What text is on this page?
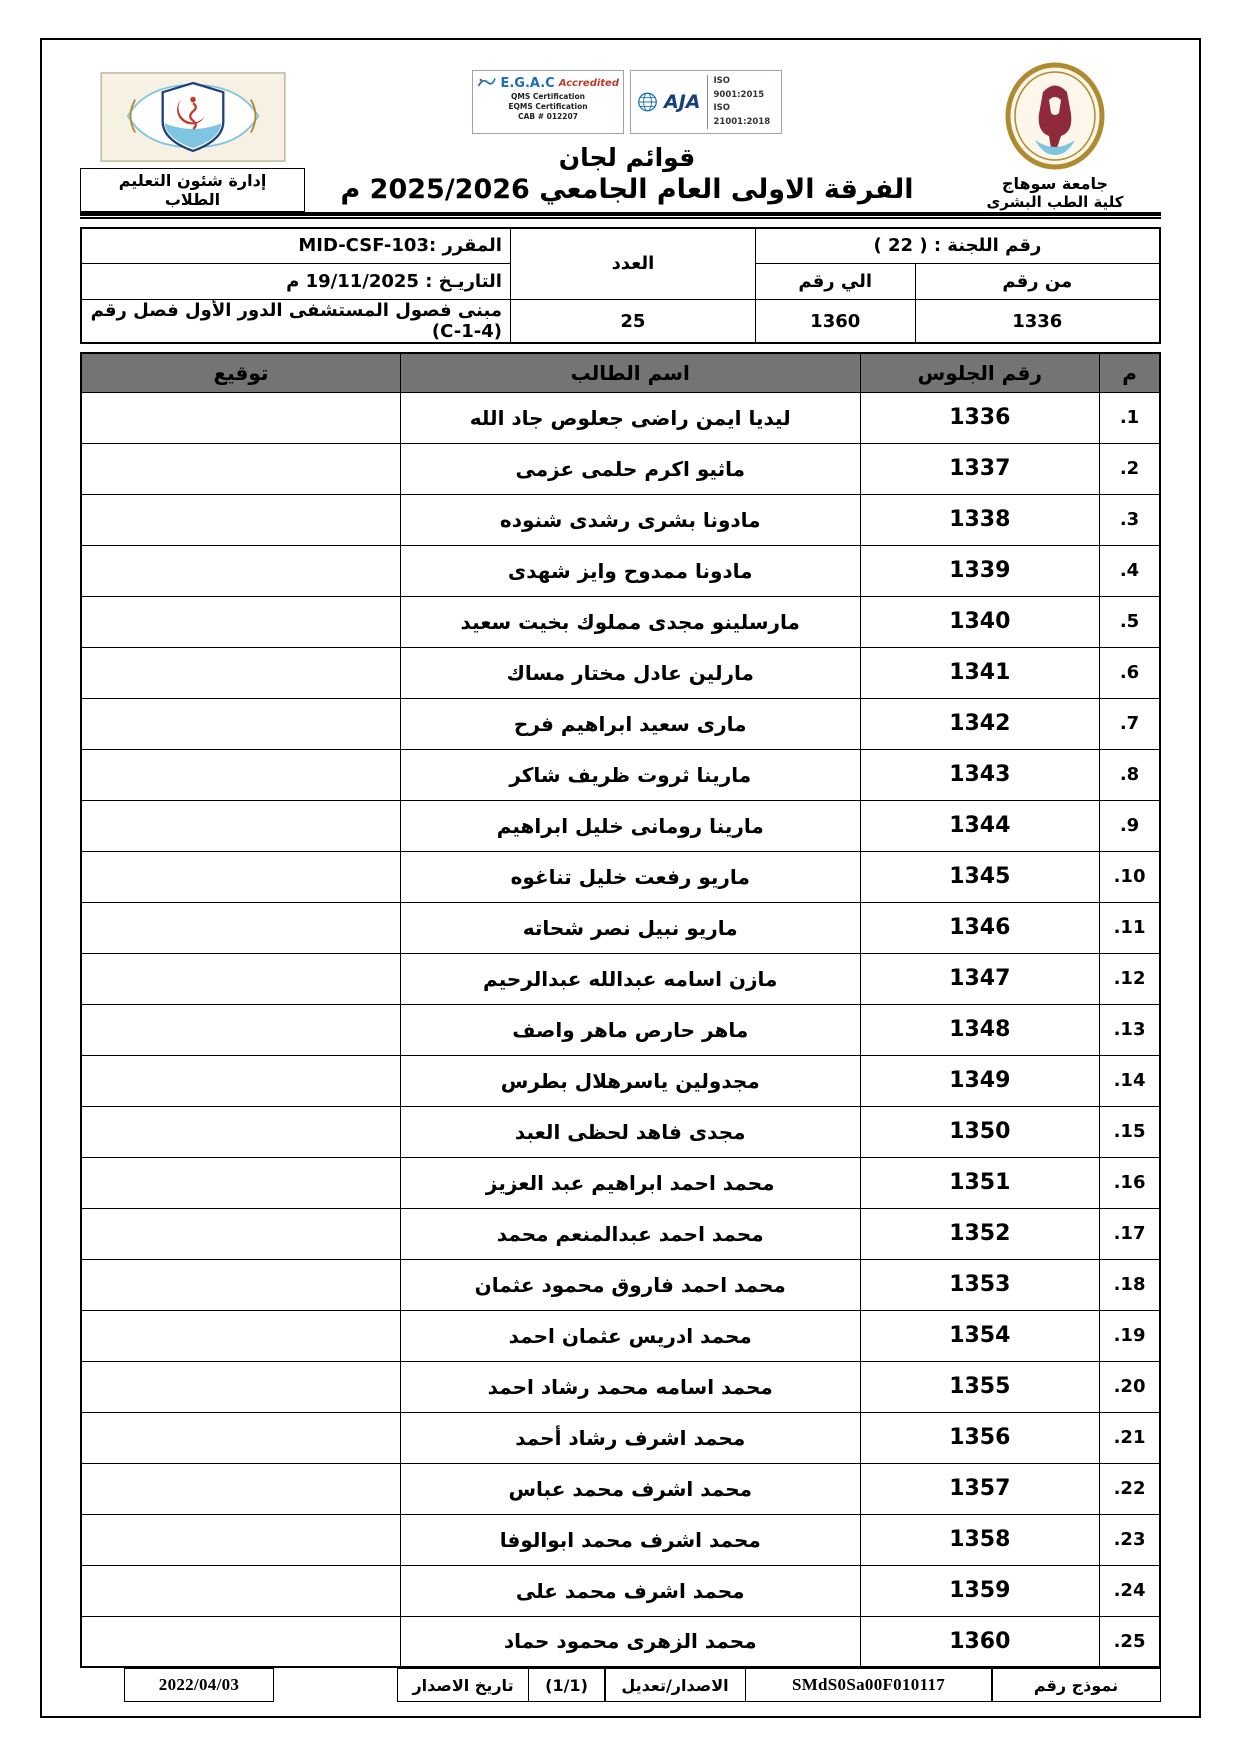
جامعة سوهاج
كلية الطب البشرى
E.G.A.C Accredited
QMS Certification
EQMS Certification
CAB # 012207
AJA
ISO 9001:2015
ISO 21001:2018
قوائم لجان
الفرقة الاولى العام الجامعي 2025/2026 م
إدارة شئون التعليم الطلاب
رقم اللجنة : ( 22 )		العدد	المقرر :MID-CSF-103
من رقم	الي رقم		التاريـخ : 19/11/2025 م
1336	1360	25	مبنى فصول المستشفى الدور الأول فصل رقم (C-1-4)
م	رقم الجلوس	اسم الطالب	توقيع
.1	1336	ليديا ايمن راضى جعلوص جاد الله	
.2	1337	ماثيو اكرم حلمى عزمى	
.3	1338	مادونا بشرى رشدى شنوده	
.4	1339	مادونا ممدوح وايز شهدى	
.5	1340	مارسلينو مجدى مملوك بخيت سعيد	
.6	1341	مارلين عادل مختار مساك	
.7	1342	مارى سعيد ابراهيم فرح	
.8	1343	مارينا ثروت ظريف شاكر	
.9	1344	مارينا رومانى خليل ابراهيم	
.10	1345	ماريو رفعت خليل تناغوه	
.11	1346	ماريو نبيل نصر شحاته	
.12	1347	مازن اسامه عبدالله عبدالرحيم	
.13	1348	ماهر حارص ماهر واصف	
.14	1349	مجدولين ياسرهلال بطرس	
.15	1350	مجدى فاهد لحظى العبد	
.16	1351	محمد احمد ابراهيم عبد العزيز	
.17	1352	محمد احمد عبدالمنعم محمد	
.18	1353	محمد احمد فاروق محمود عثمان	
.19	1354	محمد ادريس عثمان احمد	
.20	1355	محمد اسامه محمد رشاد احمد	
.21	1356	محمد اشرف رشاد أحمد	
.22	1357	محمد اشرف محمد عباس	
.23	1358	محمد اشرف محمد ابوالوفا	
.24	1359	محمد اشرف محمد على	
.25	1360	محمد الزهرى محمود حماد	
نموذج رقم
SMdS0Sa00F010117
الاصدار/تعديل
(1/1)
تاريخ الاصدار
2022/04/03
